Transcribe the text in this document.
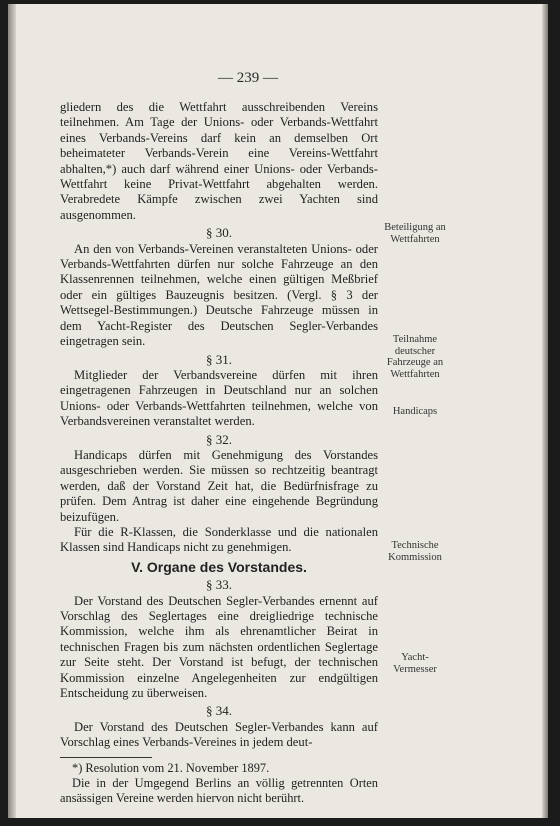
— 239 —

gliedern des die Wettfahrt ausschreibenden Vereins teilnehmen. Am Tage der Unions- oder Verbands-Wettfahrt eines Verbands-Vereins darf kein an demselben Ort beheimateter Verbands-Verein eine Vereins-Wettfahrt abhalten,*) auch darf während einer Unions- oder Verbands-Wettfahrt keine Privat-Wettfahrt abgehalten werden. Verabredete Kämpfe zwischen zwei Yachten sind ausgenommen.

§ 30.

An den von Verbands-Vereinen veranstalteten Unions- oder Verbands-Wettfahrten dürfen nur solche Fahrzeuge an den Klassenrennen teilnehmen, welche einen gültigen Meßbrief oder ein gültiges Bauzeugnis besitzen. (Vergl. § 3 der Wettsegel-Bestimmungen.) Deutsche Fahrzeuge müssen in dem Yacht-Register des Deutschen Segler-Verbandes eingetragen sein.

§ 31.

Mitglieder der Verbandsvereine dürfen mit ihren eingetragenen Fahrzeugen in Deutschland nur an solchen Unions- oder Verbands-Wettfahrten teilnehmen, welche von Verbandsvereinen veranstaltet werden.

§ 32.

Handicaps dürfen mit Genehmigung des Vorstandes ausgeschrieben werden. Sie müssen so rechtzeitig beantragt werden, daß der Vorstand Zeit hat, die Bedürfnisfrage zu prüfen. Dem Antrag ist daher eine eingehende Begründung beizufügen.

Für die R-Klassen, die Sonderklasse und die nationalen Klassen sind Handicaps nicht zu genehmigen.

V. Organe des Vorstandes.

§ 33.

Der Vorstand des Deutschen Segler-Verbandes ernennt auf Vorschlag des Seglertages eine dreigliedrige technische Kommission, welche ihm als ehrenamtlicher Beirat in technischen Fragen bis zum nächsten ordentlichen Seglertage zur Seite steht. Der Vorstand ist befugt, der technischen Kommission einzelne Angelegenheiten zur endgültigen Entscheidung zu überweisen.

§ 34.

Der Vorstand des Deutschen Segler-Verbandes kann auf Vorschlag eines Verbands-Vereines in jedem deut-

*) Resolution vom 21. November 1897.

Die in der Umgegend Berlins an völlig getrennten Orten ansässigen Vereine werden hiervon nicht berührt.

Beteiligung an Wettfahrten
Teilnahme deutscher Fahrzeuge an Wettfahrten
Handicaps
Technische Kommission
Yacht-Vermesser
